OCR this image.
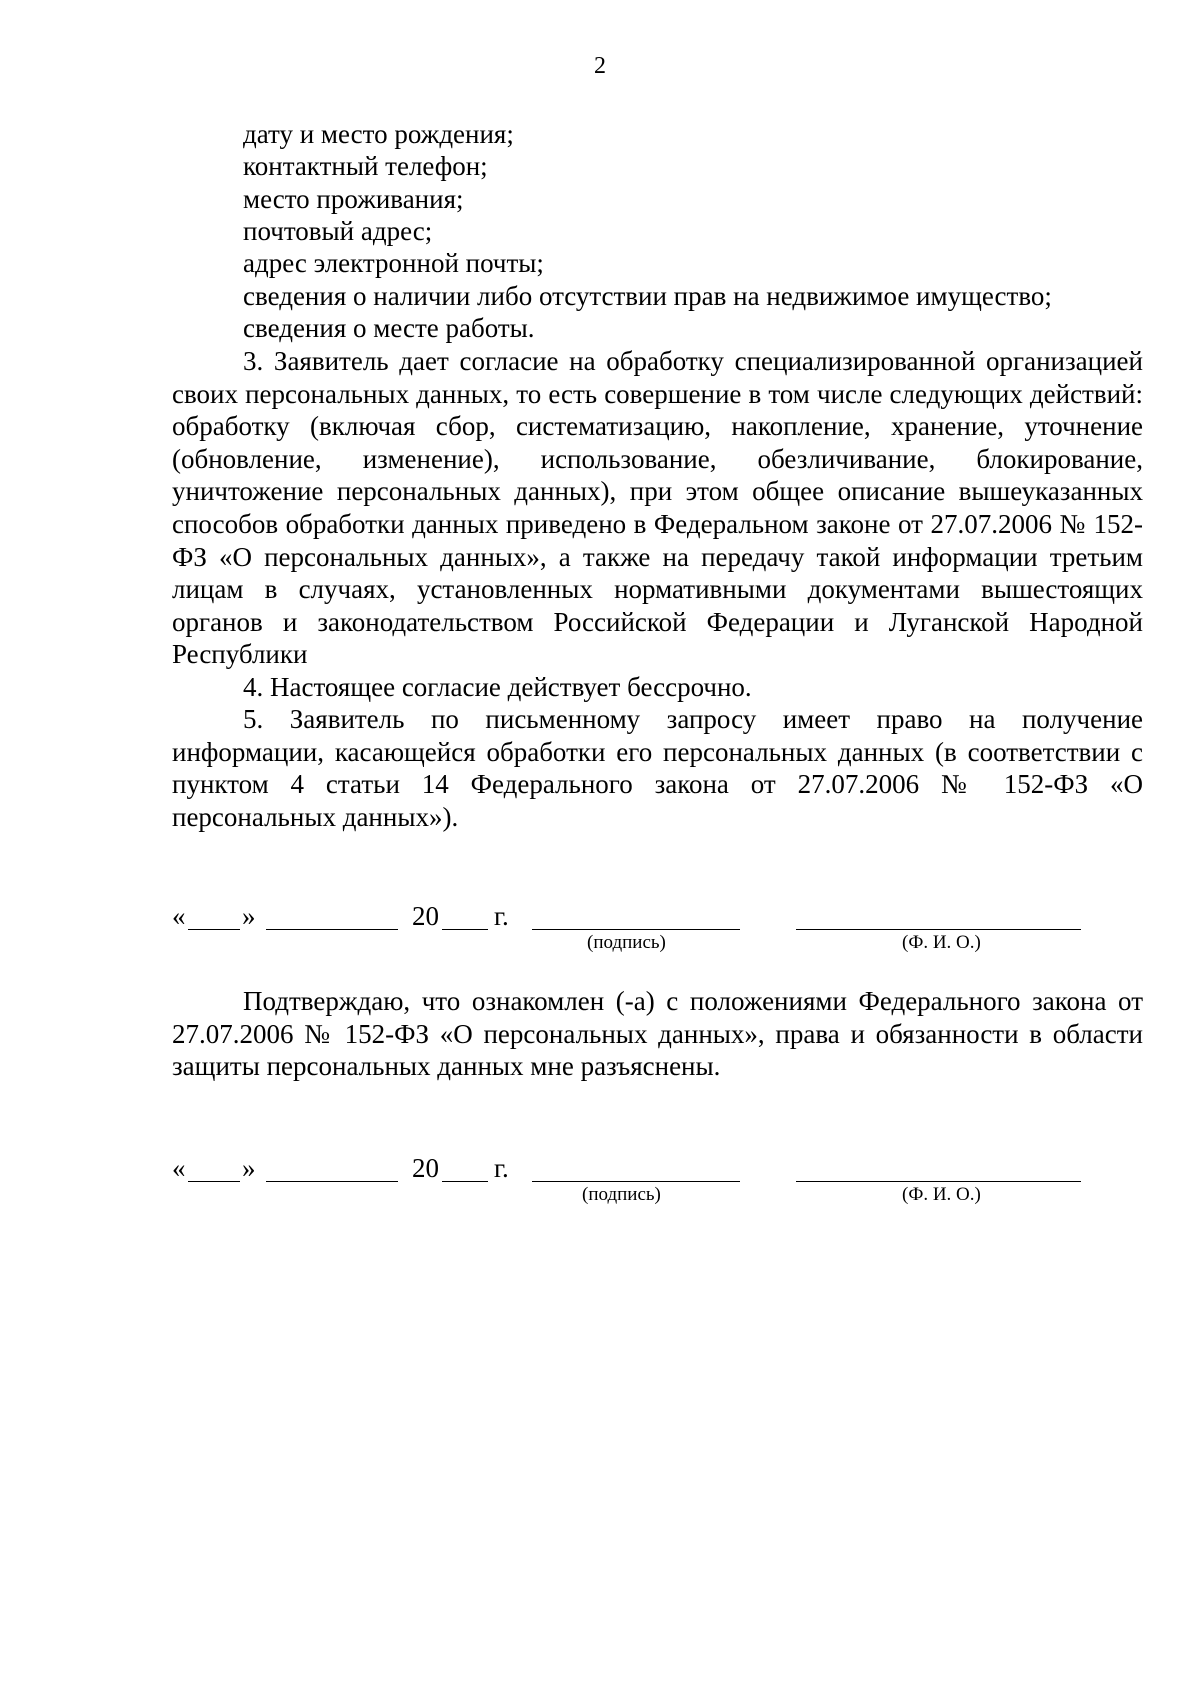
2
дату и место рождения;
контактный телефон;
место проживания;
почтовый адрес;
адрес электронной почты;
сведения о наличии либо отсутствии прав на недвижимое имущество;
сведения о месте работы.

3. Заявитель дает согласие на обработку специализированной организацией своих персональных данных, то есть совершение в том числе следующих действий: обработку (включая сбор, систематизацию, накопление, хранение, уточнение (обновление, изменение), использование, обезличивание, блокирование, уничтожение персональных данных), при этом общее описание вышеуказанных способов обработки данных приведено в Федеральном законе от 27.07.2006 № 152-ФЗ «О персональных данных», а также на передачу такой информации третьим лицам в случаях, установленных нормативными документами вышестоящих органов и законодательством Российской Федерации и Луганской Народной Республики

4. Настоящее согласие действует бессрочно.

5. Заявитель по письменному запросу имеет право на получение информации, касающейся обработки его персональных данных (в соответствии с пунктом 4 статьи 14 Федерального закона от 27.07.2006 № 152-ФЗ «О персональных данных»).

« »	20 г.
(подпись)	(Ф. И. О.)

Подтверждаю, что ознакомлен (-а) с положениями Федерального закона от 27.07.2006 № 152-ФЗ «О персональных данных», права и обязанности в области защиты персональных данных мне разъяснены.

« »	20 г.
(подпись)	(Ф. И. О.)
